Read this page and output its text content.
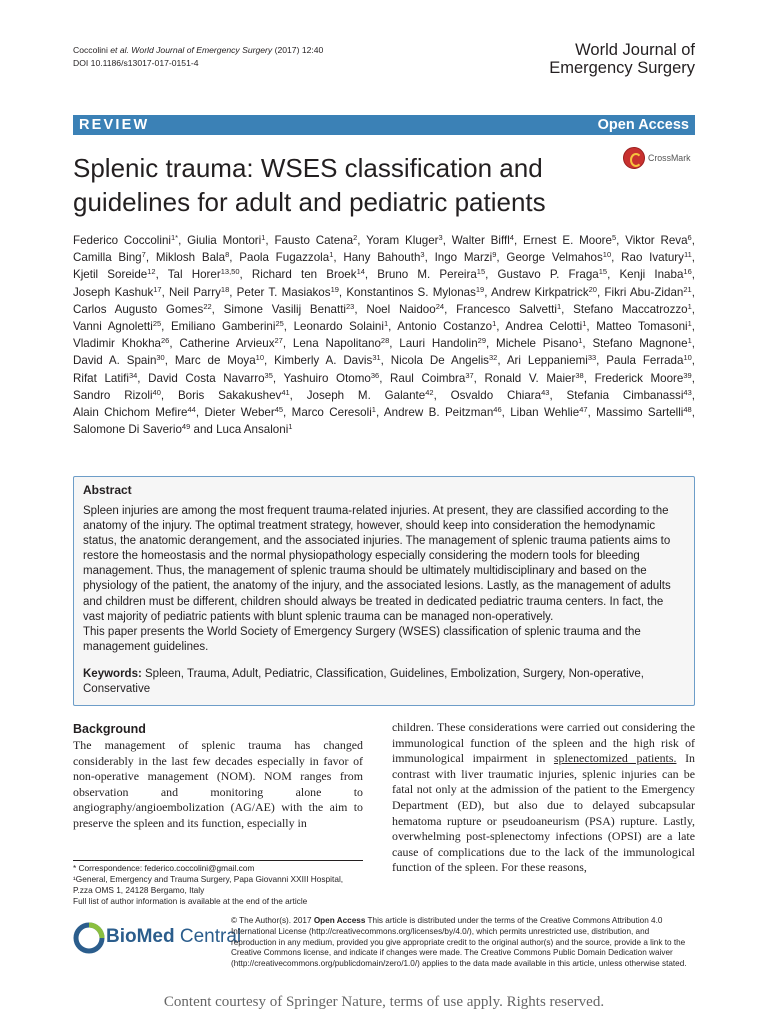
Coccolini et al. World Journal of Emergency Surgery (2017) 12:40
DOI 10.1186/s13017-017-0151-4
World Journal of
Emergency Surgery
REVIEW	Open Access
Splenic trauma: WSES classification and guidelines for adult and pediatric patients
CrossMark
Federico Coccolini$^{1*}$, Giulia Montori$^1$, Fausto Catena$^2$, Yoram Kluger$^3$, Walter Biffl$^4$, Ernest E. Moore$^5$, Viktor Reva$^6$, Camilla Bing$^7$, Miklosh Bala$^8$, Paola Fugazzola$^1$, Hany Bahouth$^3$, Ingo Marzi$^9$, George Velmahos$^{10}$, Rao Ivatury$^{11}$, Kjetil Soreide$^{12}$, Tal Horer$^{13,50}$, Richard ten Broek$^{14}$, Bruno M. Pereira$^{15}$, Gustavo P. Fraga$^{15}$, Kenji Inaba$^{16}$, Joseph Kashuk$^{17}$, Neil Parry$^{18}$, Peter T. Masiakos$^{19}$, Konstantinos S. Mylonas$^{19}$, Andrew Kirkpatrick$^{20}$, Fikri Abu-Zidan$^{21}$, Carlos Augusto Gomes$^{22}$, Simone Vasilij Benatti$^{23}$, Noel Naidoo$^{24}$, Francesco Salvetti$^1$, Stefano Maccatrozzo$^1$, Vanni Agnoletti$^{25}$, Emiliano Gamberini$^{25}$, Leonardo Solaini$^1$, Antonio Costanzo$^1$, Andrea Celotti$^1$, Matteo Tomasoni$^1$, Vladimir Khokha$^{26}$, Catherine Arvieux$^{27}$, Lena Napolitano$^{28}$, Lauri Handolin$^{29}$, Michele Pisano$^1$, Stefano Magnone$^1$, David A. Spain$^{30}$, Marc de Moya$^{10}$, Kimberly A. Davis$^{31}$, Nicola De Angelis$^{32}$, Ari Leppaniemi$^{33}$, Paula Ferrada$^{10}$, Rifat Latifi$^{34}$, David Costa Navarro$^{35}$, Yashuiro Otomo$^{36}$, Raul Coimbra$^{37}$, Ronald V. Maier$^{38}$, Frederick Moore$^{39}$, Sandro Rizoli$^{40}$, Boris Sakakushev$^{41}$, Joseph M. Galante$^{42}$, Osvaldo Chiara$^{43}$, Stefania Cimbanassi$^{43}$, Alain Chichom Mefire$^{44}$, Dieter Weber$^{45}$, Marco Ceresoli$^1$, Andrew B. Peitzman$^{46}$, Liban Wehlie$^{47}$, Massimo Sartelli$^{48}$, Salomone Di Saverio$^{49}$ and Luca Ansaloni$^1$
Abstract

Spleen injuries are among the most frequent trauma-related injuries. At present, they are classified according to the anatomy of the injury. The optimal treatment strategy, however, should keep into consideration the hemodynamic status, the anatomic derangement, and the associated injuries. The management of splenic trauma patients aims to restore the homeostasis and the normal physiopathology especially considering the modern tools for bleeding management. Thus, the management of splenic trauma should be ultimately multidisciplinary and based on the physiology of the patient, the anatomy of the injury, and the associated lesions. Lastly, as the management of adults and children must be different, children should always be treated in dedicated pediatric trauma centers. In fact, the vast majority of pediatric patients with blunt splenic trauma can be managed non-operatively.

This paper presents the World Society of Emergency Surgery (WSES) classification of splenic trauma and the management guidelines.

Keywords: Spleen, Trauma, Adult, Pediatric, Classification, Guidelines, Embolization, Surgery, Non-operative, Conservative
Background
The management of splenic trauma has changed considerably in the last few decades especially in favor of non-operative management (NOM). NOM ranges from observation and monitoring alone to angiography/angioembolization (AG/AE) with the aim to preserve the spleen and its function, especially in
children. These considerations were carried out considering the immunological function of the spleen and the high risk of immunological impairment in splenectomized patients. In contrast with liver traumatic injuries, splenic injuries can be fatal not only at the admission of the patient to the Emergency Department (ED), but also due to delayed subcapsular hematoma rupture or pseudoaneurism (PSA) rupture. Lastly, overwhelming post-splenectomy infections (OPSI) are a late cause of complications due to the lack of the immunological function of the spleen. For these reasons,
* Correspondence: federico.coccolini@gmail.com
¹General, Emergency and Trauma Surgery, Papa Giovanni XXIII Hospital, P.zza OMS 1, 24128 Bergamo, Italy
Full list of author information is available at the end of the article
BioMed Central
© The Author(s). 2017 Open Access This article is distributed under the terms of the Creative Commons Attribution 4.0 International License (http://creativecommons.org/licenses/by/4.0/), which permits unrestricted use, distribution, and reproduction in any medium, provided you give appropriate credit to the original author(s) and the source, provide a link to the Creative Commons license, and indicate if changes were made. The Creative Commons Public Domain Dedication waiver (http://creativecommons.org/publicdomain/zero/1.0/) applies to the data made available in this article, unless otherwise stated.
Content courtesy of Springer Nature, terms of use apply. Rights reserved.
